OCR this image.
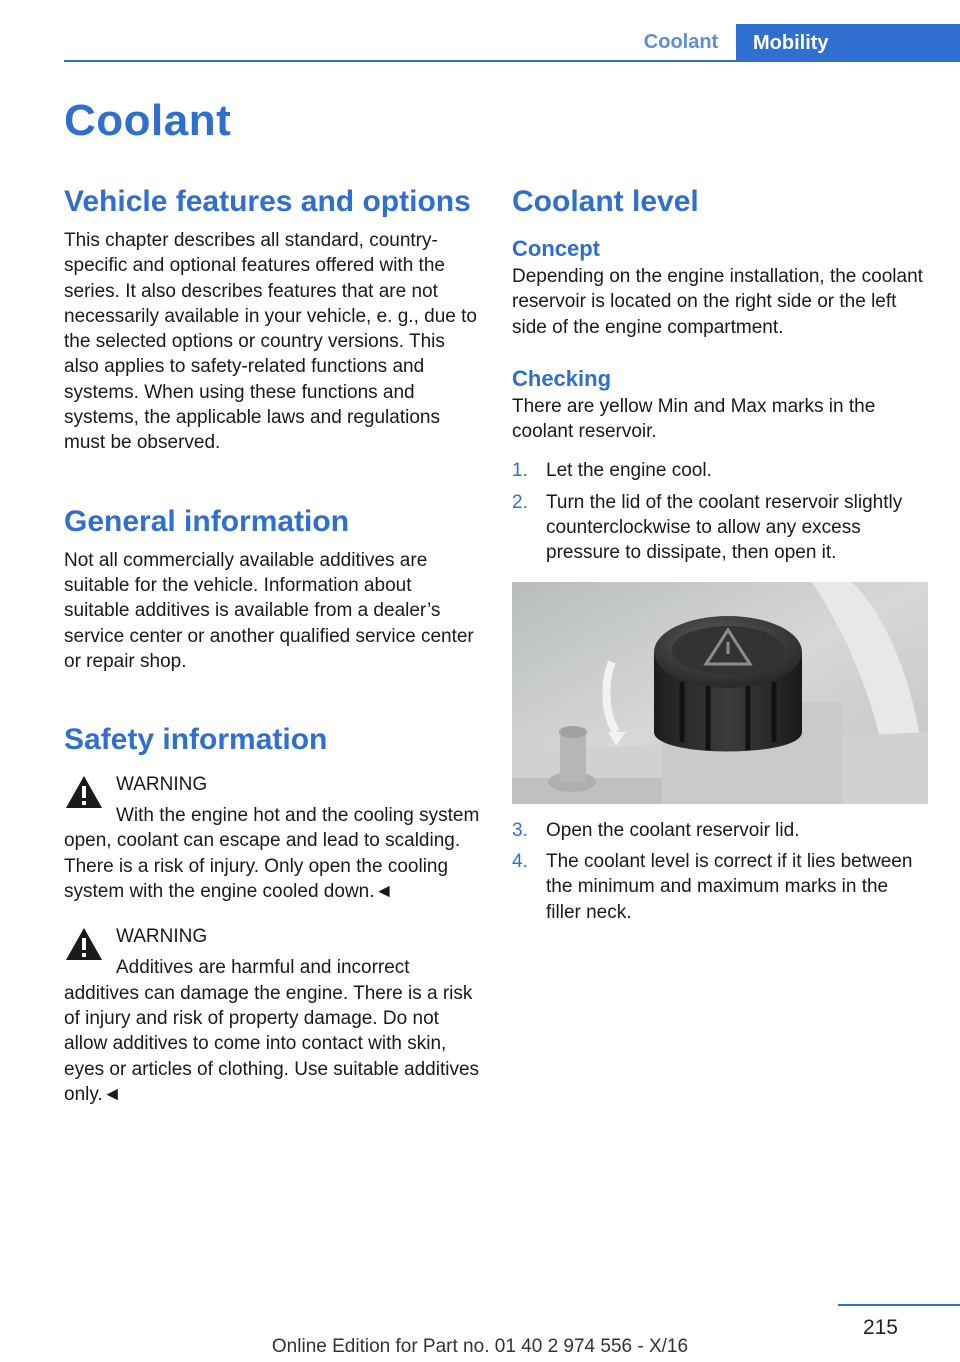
Coolant	Mobility
Coolant
Vehicle features and options

This chapter describes all standard, country-specific and optional features offered with the series. It also describes features that are not necessarily available in your vehicle, e. g., due to the selected options or country versions. This also applies to safety-related functions and systems. When using these functions and systems, the applicable laws and regulations must be observed.

General information

Not all commercially available additives are suitable for the vehicle. Information about suitable additives is available from a dealer’s service center or another qualified service center or repair shop.

Safety information
WARNING

With the engine hot and the cooling system open, coolant can escape and lead to scalding. There is a risk of injury. Only open the cooling system with the engine cooled down.◄

WARNING

Additives are harmful and incorrect additives can damage the engine. There is a risk of injury and risk of property damage. Do not allow additives to come into contact with skin, eyes or articles of clothing. Use suitable additives only.◄

Coolant level
Concept

Depending on the engine installation, the coolant reservoir is located on the right side or the left side of the engine compartment.

Checking

There are yellow Min and Max marks in the coolant reservoir.

1. Let the engine cool.
2. Turn the lid of the coolant reservoir slightly counterclockwise to allow any excess pressure to dissipate, then open it.
3. Open the coolant reservoir lid.
4. The coolant level is correct if it lies between the minimum and maximum marks in the filler neck.
215
Online Edition for Part no. 01 40 2 974 556 - X/16
